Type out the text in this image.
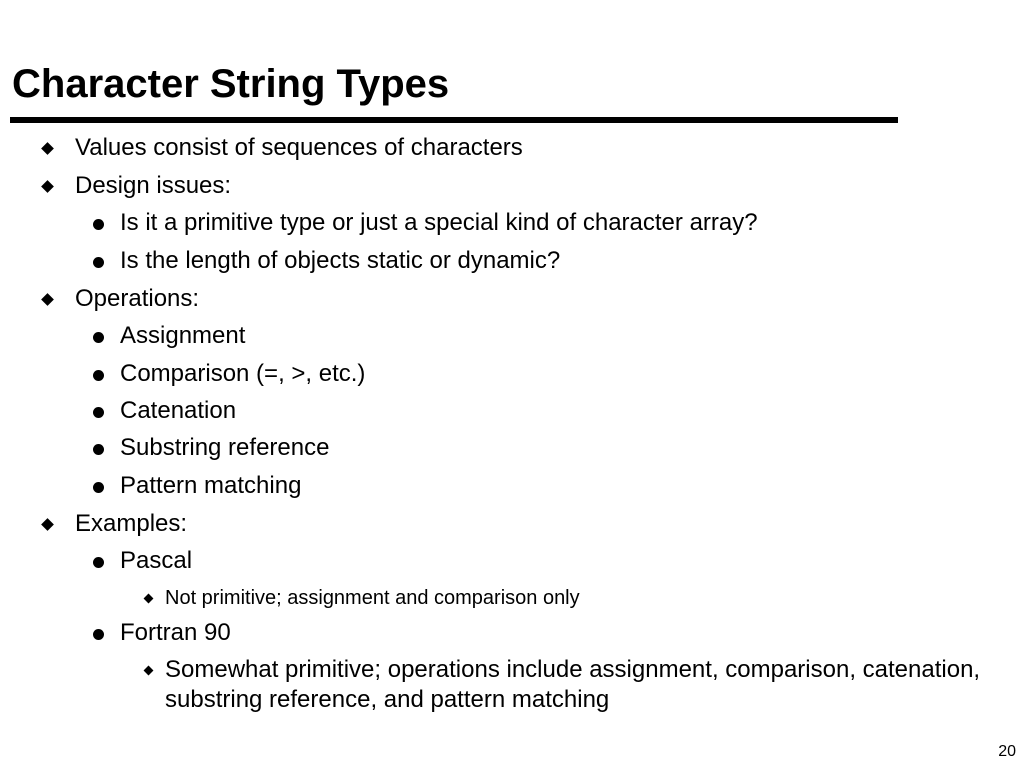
Character String Types
Values consist of sequences of characters
Design issues:
Is it a primitive type or just a special kind of character array?
Is the length of objects static or dynamic?
Operations:
Assignment
Comparison (=, >, etc.)
Catenation
Substring reference
Pattern matching
Examples:
Pascal
Not primitive; assignment and comparison only
Fortran 90
Somewhat primitive; operations include assignment, comparison, catenation, substring reference, and pattern matching
20
